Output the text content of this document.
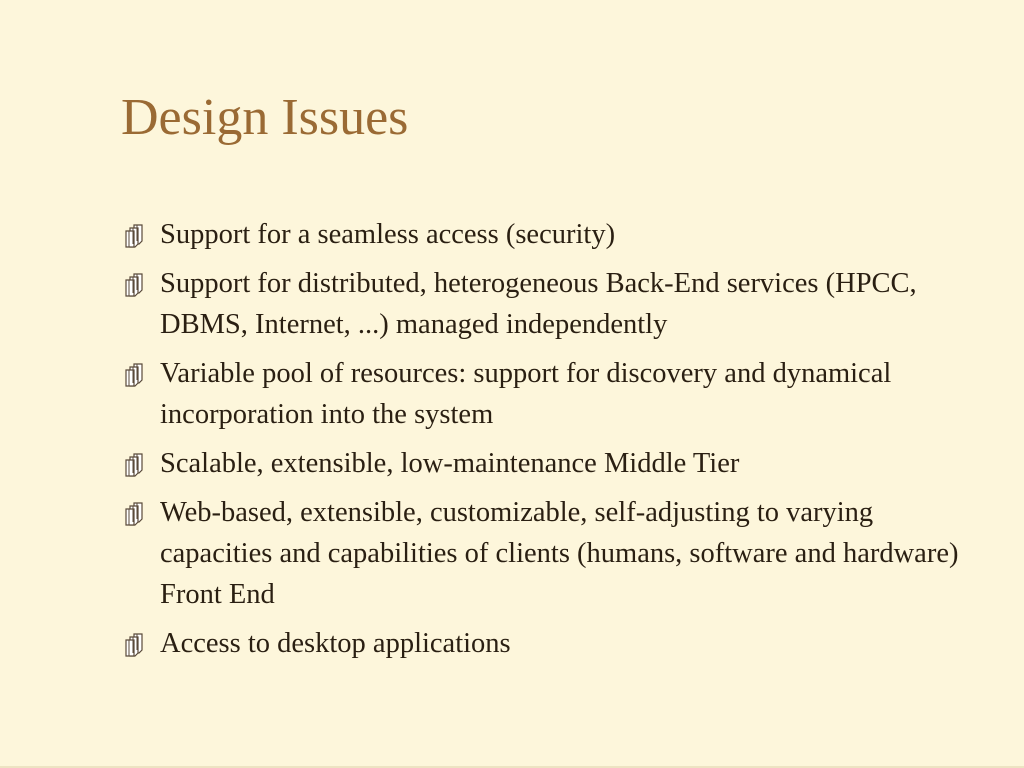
Design Issues
Support for a seamless access (security)
Support for distributed, heterogeneous Back-End services (HPCC, DBMS, Internet, ...) managed independently
Variable pool of resources: support for discovery and dynamical incorporation into the system
Scalable, extensible, low-maintenance Middle Tier
Web-based, extensible, customizable, self-adjusting to varying capacities and capabilities of clients (humans, software and hardware)  Front End
Access to desktop applications
